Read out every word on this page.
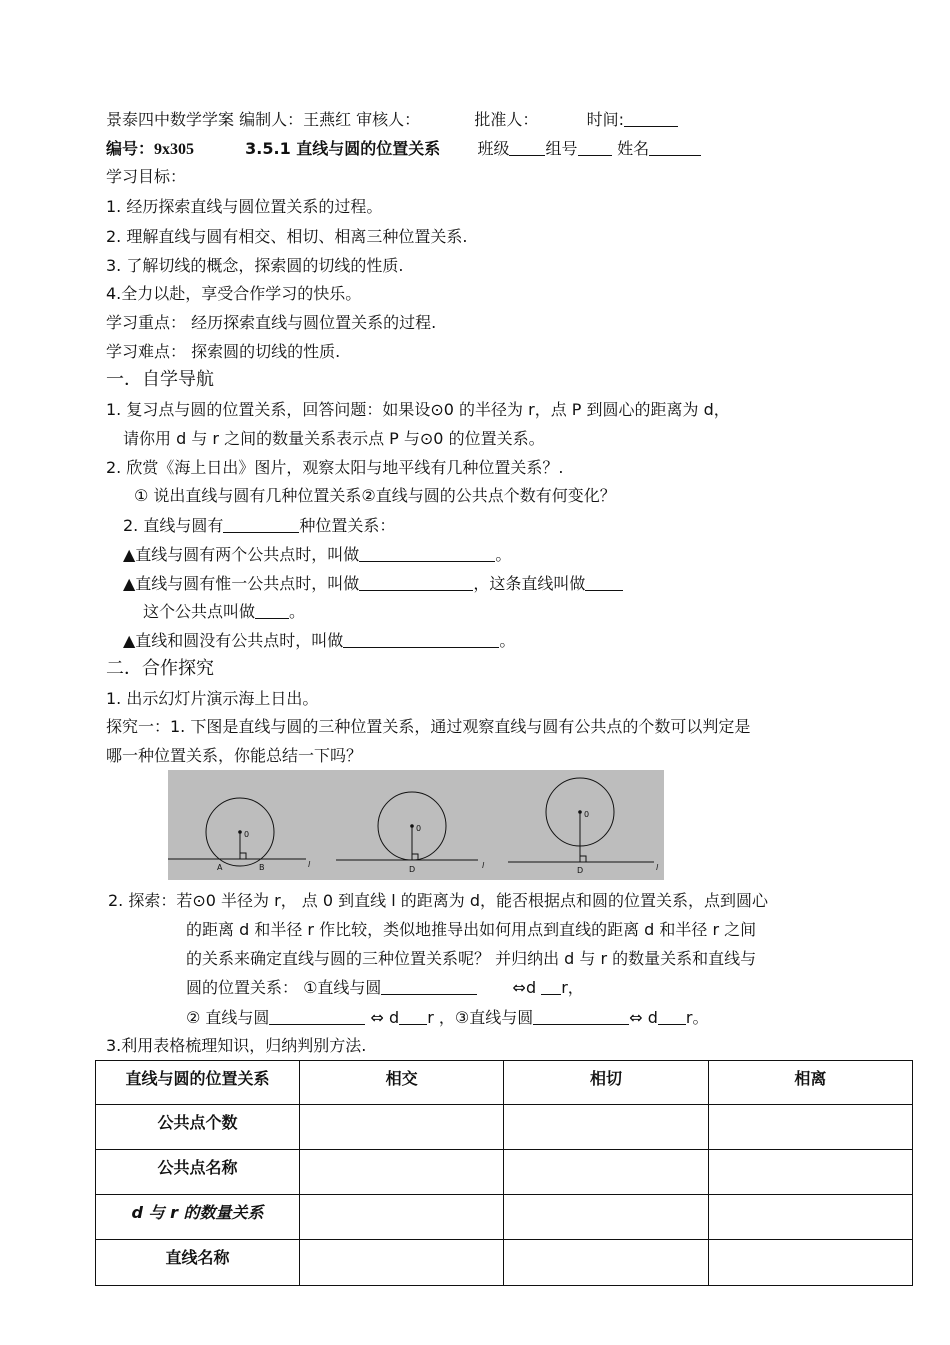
景泰四中数学学案 编制人：王燕红 审核人：	批准人：	时间:
编号：9x305	3.5.1 直线与圆的位置关系 班级 组号 姓名
学习目标：
1. 经历探索直线与圆位置关系的过程。
2. 理解直线与圆有相交、相切、相离三种位置关系.
3. 了解切线的概念，探索圆的切线的性质.
4.全力以赴，享受合作学习的快乐。
学习重点： 经历探索直线与圆位置关系的过程.
学习难点： 探索圆的切线的性质.
一．自学导航
1. 复习点与圆的位置关系，回答问题：如果设⊙0 的半径为 r，点 P 到圆心的距离为 d，
请你用 d 与 r 之间的数量关系表示点 P 与⊙0 的位置关系。
2. 欣赏《海上日出》图片，观察太阳与地平线有几种位置关系？.
① 说出直线与圆有几种位置关系②直线与圆的公共点个数有何变化？
2. 直线与圆有	种位置关系：
▲直线与圆有两个公共点时，叫做	。
▲直线与圆有惟一公共点时，叫做	，这条直线叫做
这个公共点叫做 。
▲直线和圆没有公共点时，叫做	。
二．合作探究
1. 出示幻灯片演示海上日出。
探究一：1. 下图是直线与圆的三种位置关系，通过观察直线与圆有公共点的个数可以判定是
哪一种位置关系，你能总结一下吗？
0
A	B	l
0
D	l
0
D	l
2. 探索：若⊙0 半径为 r， 点 0 到直线 l 的距离为 d，能否根据点和圆的位置关系，点到圆心
的距离 d 和半径 r 作比较，类似地推导出如何用点到直线的距离 d 和半径 r 之间
的关系来确定直线与圆的三种位置关系呢？ 并归纳出 d 与 r 的数量关系和直线与
圆的位置关系： ①直线与圆	⇔d r，
② 直线与圆	⇔ d r ，③直线与圆	⇔ d r。
3.利用表格梳理知识，归纳判别方法.
直线与圆的位置关系	相交	相切	相离
公共点个数			
公共点名称			
d 与 r 的数量关系			
直线名称			
